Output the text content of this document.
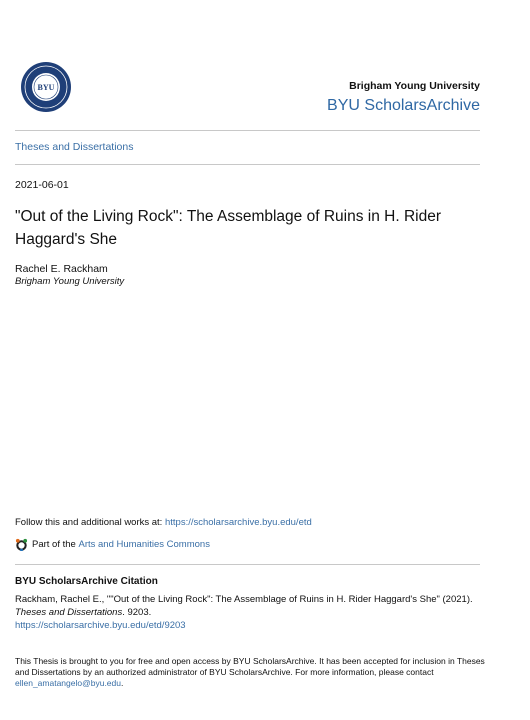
BYU	Brigham Young University
BYU ScholarsArchive
Theses and Dissertations
2021-06-01
"Out of the Living Rock": The Assemblage of Ruins in H. Rider Haggard's She
Rachel E. Rackham
Brigham Young University
Follow this and additional works at: https://scholarsarchive.byu.edu/etd
Part of the
Arts and Humanities Commons
BYU ScholarsArchive Citation
Rackham, Rachel E., ""Out of the Living Rock": The Assemblage of Ruins in H. Rider Haggard's She" (2021).
Theses and Dissertations. 9203.
https://scholarsarchive.byu.edu/etd/9203
This Thesis is brought to you for free and open access by BYU ScholarsArchive. It has been accepted for inclusion in Theses and Dissertations by an authorized administrator of BYU ScholarsArchive. For more information, please contact ellen_amatangelo@byu.edu.
